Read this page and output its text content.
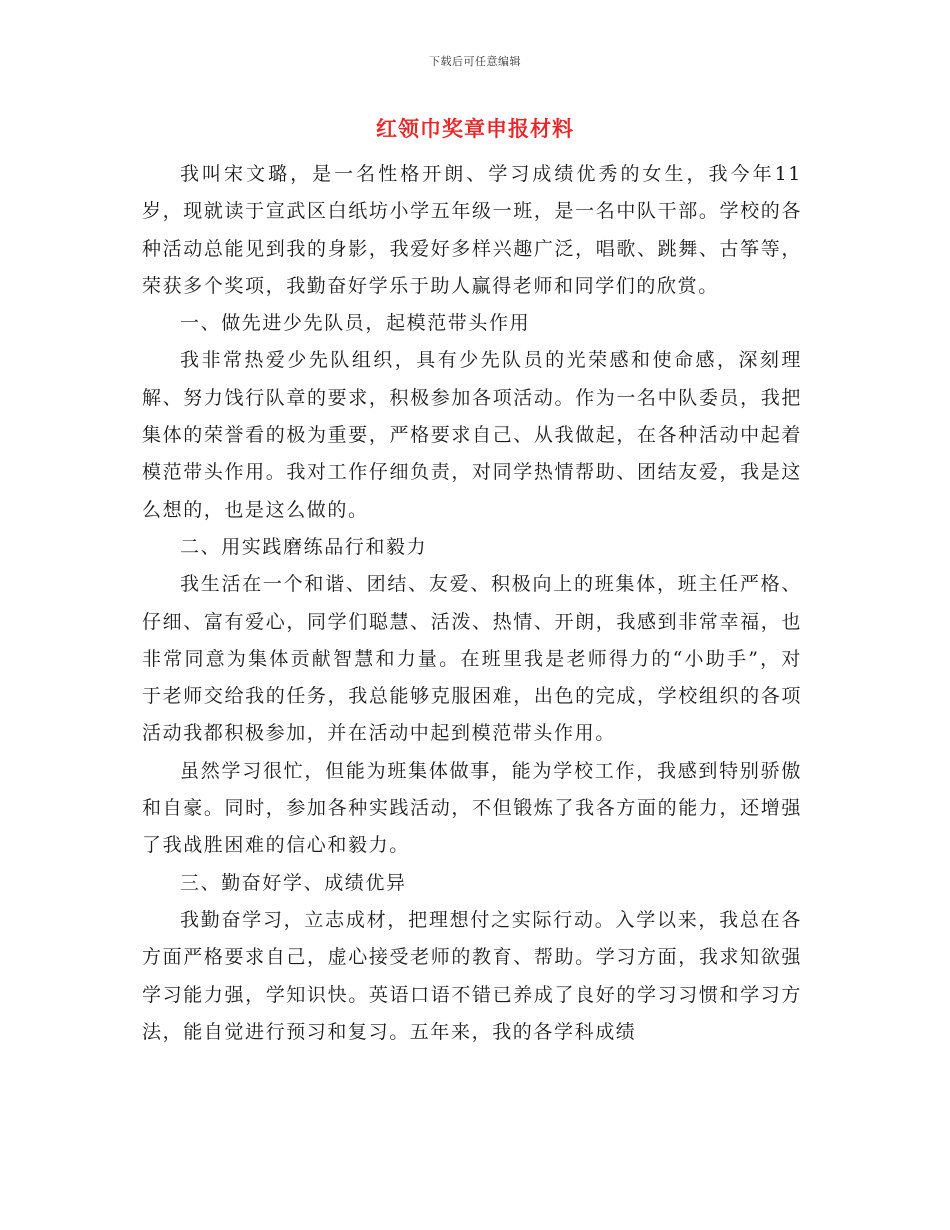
下载后可任意编辑
红领巾奖章申报材料

我叫宋文璐，是一名性格开朗、学习成绩优秀的女生，我今年11岁，现就读于宣武区白纸坊小学五年级一班，是一名中队干部。学校的各种活动总能见到我的身影，我爱好多样兴趣广泛，唱歌、跳舞、古筝等，荣获多个奖项，我勤奋好学乐于助人赢得老师和同学们的欣赏。

一、做先进少先队员，起模范带头作用

我非常热爱少先队组织，具有少先队员的光荣感和使命感，深刻理解、努力饯行队章的要求，积极参加各项活动。作为一名中队委员，我把集体的荣誉看的极为重要，严格要求自己、从我做起，在各种活动中起着模范带头作用。我对工作仔细负责，对同学热情帮助、团结友爱，我是这么想的，也是这么做的。

二、用实践磨练品行和毅力

我生活在一个和谐、团结、友爱、积极向上的班集体，班主任严格、仔细、富有爱心，同学们聪慧、活泼、热情、开朗，我感到非常幸福，也非常同意为集体贡献智慧和力量。在班里我是老师得力的“小助手”，对于老师交给我的任务，我总能够克服困难，出色的完成，学校组织的各项活动我都积极参加，并在活动中起到模范带头作用。

虽然学习很忙，但能为班集体做事，能为学校工作，我感到特别骄傲和自豪。同时，参加各种实践活动，不但锻炼了我各方面的能力，还增强了我战胜困难的信心和毅力。

三、勤奋好学、成绩优异

我勤奋学习，立志成材，把理想付之实际行动。入学以来，我总在各方面严格要求自己，虚心接受老师的教育、帮助。学习方面，我求知欲强学习能力强，学知识快。英语口语不错已养成了良好的学习习惯和学习方法，能自觉进行预习和复习。五年来，我的各学科成绩
